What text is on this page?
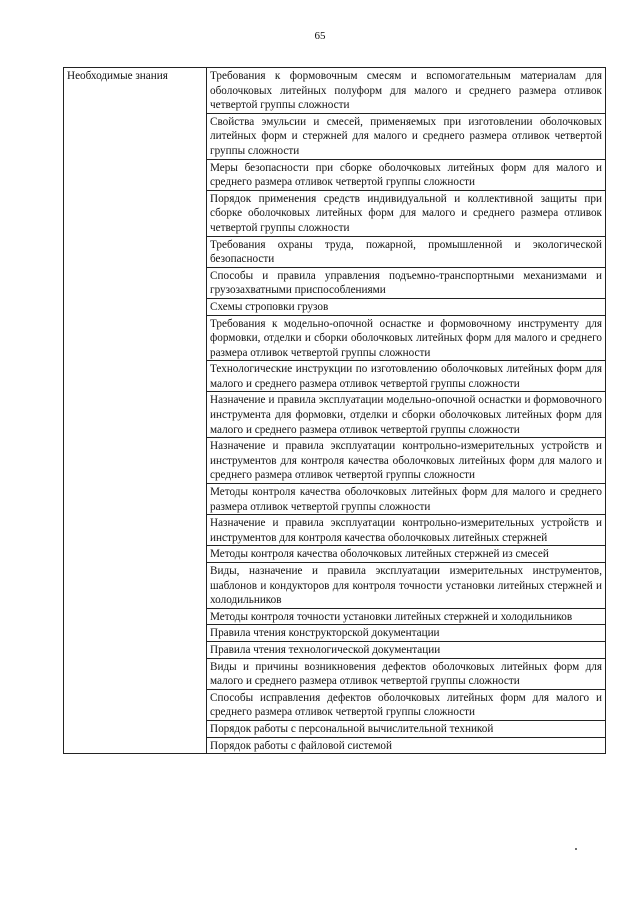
65
Необходимые знания	Требования к формовочным смесям и вспомогательным материалам для оболочковых литейных полуформ для малого и среднего размера отливок четвертой группы сложности
Свойства эмульсии и смесей, применяемых при изготовлении оболочковых литейных форм и стержней для малого и среднего размера отливок четвертой группы сложности
Меры безопасности при сборке оболочковых литейных форм для малого и среднего размера отливок четвертой группы сложности
Порядок применения средств индивидуальной и коллективной защиты при сборке оболочковых литейных форм для малого и среднего размера отливок четвертой группы сложности
Требования охраны труда, пожарной, промышленной и экологической безопасности
Способы и правила управления подъемно-транспортными механизмами и грузозахватными приспособлениями
Схемы строповки грузов
Требования к модельно-опочной оснастке и формовочному инструменту для формовки, отделки и сборки оболочковых литейных форм для малого и среднего размера отливок четвертой группы сложности
Технологические инструкции по изготовлению оболочковых литейных форм для малого и среднего размера отливок четвертой группы сложности
Назначение и правила эксплуатации модельно-опочной оснастки и формовочного инструмента для формовки, отделки и сборки оболочковых литейных форм для малого и среднего размера отливок четвертой группы сложности
Назначение и правила эксплуатации контрольно-измерительных устройств и инструментов для контроля качества оболочковых литейных форм для малого и среднего размера отливок четвертой группы сложности
Методы контроля качества оболочковых литейных форм для малого и среднего размера отливок четвертой группы сложности
Назначение и правила эксплуатации контрольно-измерительных устройств и инструментов для контроля качества оболочковых литейных стержней
Методы контроля качества оболочковых литейных стержней из смесей
Виды, назначение и правила эксплуатации измерительных инструментов, шаблонов и кондукторов для контроля точности установки литейных стержней и холодильников
Методы контроля точности установки литейных стержней и холодильников
Правила чтения конструкторской документации
Правила чтения технологической документации
Виды и причины возникновения дефектов оболочковых литейных форм для малого и среднего размера отливок четвертой группы сложности
Способы исправления дефектов оболочковых литейных форм для малого и среднего размера отливок четвертой группы сложности
Порядок работы с персональной вычислительной техникой
Порядок работы с файловой системой
